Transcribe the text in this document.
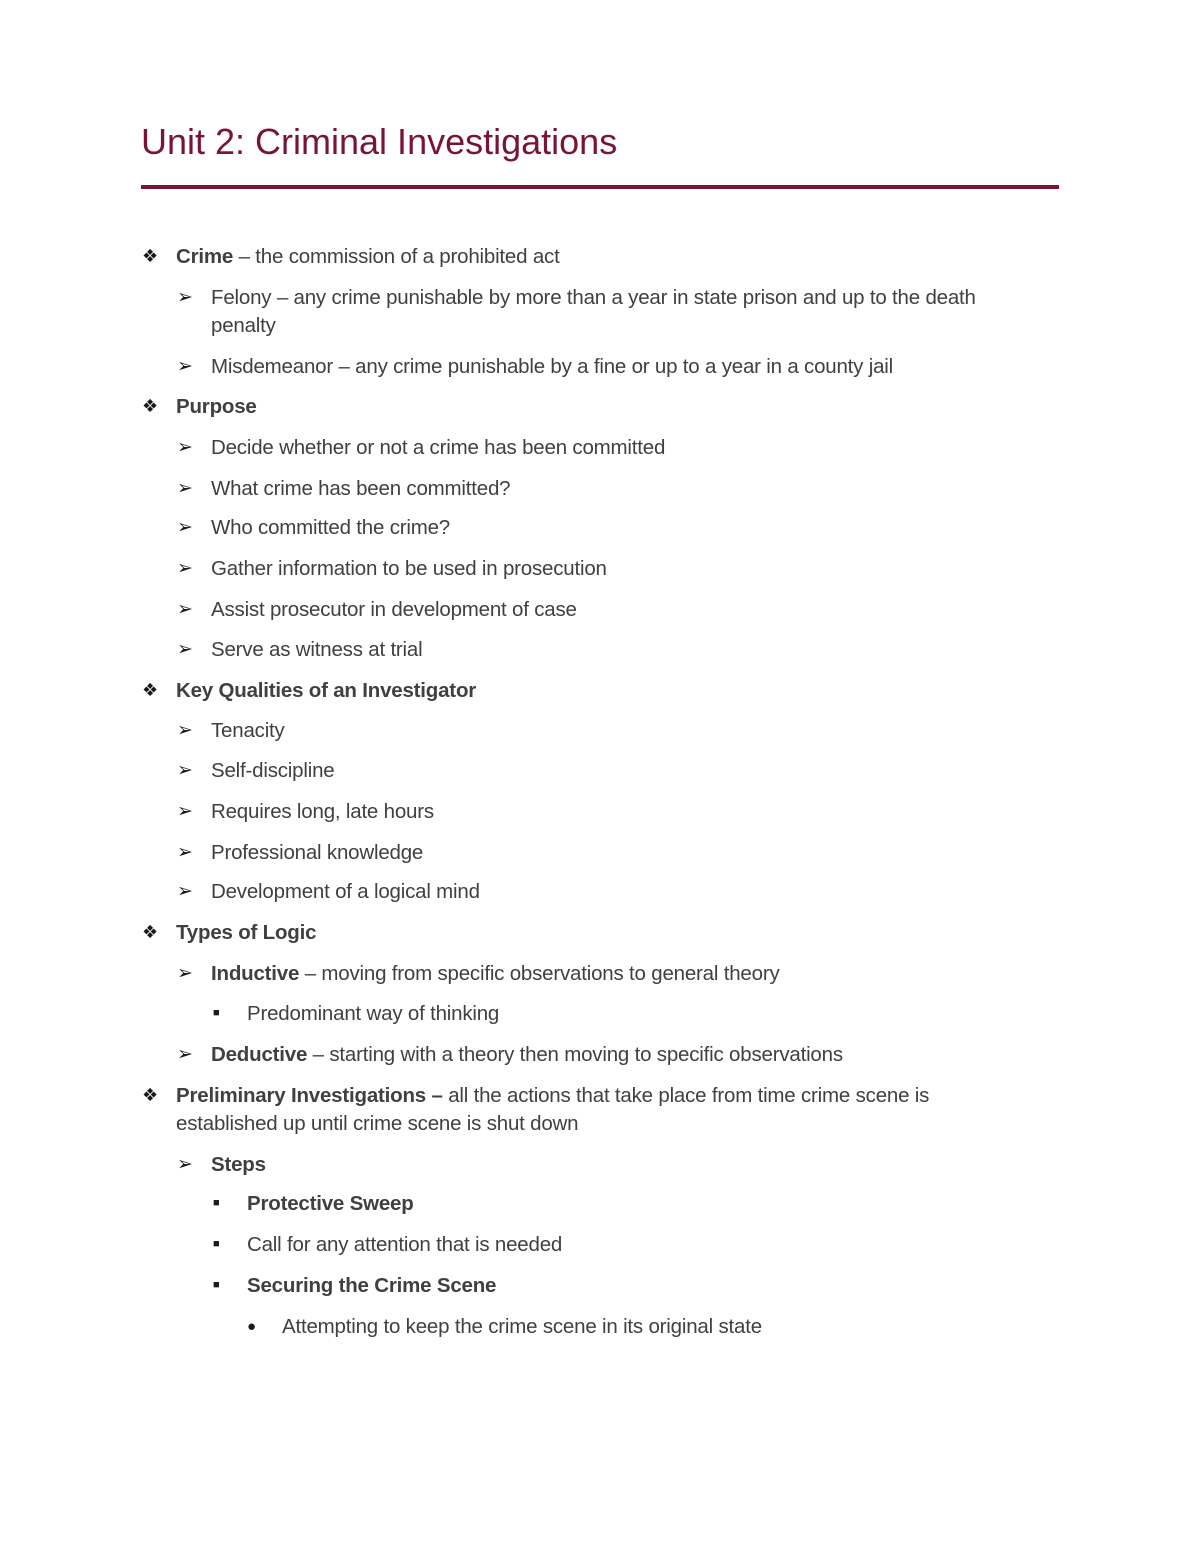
Unit 2: Criminal Investigations
❖ Crime – the commission of a prohibited act
➢ Felony – any crime punishable by more than a year in state prison and up to the death
penalty
➢ Misdemeanor – any crime punishable by a fine or up to a year in a county jail
❖ Purpose
➢ Decide whether or not a crime has been committed
➢ What crime has been committed?
➢ Who committed the crime?
➢ Gather information to be used in prosecution
➢ Assist prosecutor in development of case
➢ Serve as witness at trial
❖ Key Qualities of an Investigator
➢ Tenacity
➢ Self-discipline
➢ Requires long, late hours
➢ Professional knowledge
➢ Development of a logical mind
❖ Types of Logic
➢ Inductive – moving from specific observations to general theory
■ Predominant way of thinking
➢ Deductive – starting with a theory then moving to specific observations
❖ Preliminary Investigations – all the actions that take place from time crime scene is
established up until crime scene is shut down
➢ Steps
■ Protective Sweep
■ Call for any attention that is needed
■ Securing the Crime Scene
● Attempting to keep the crime scene in its original state
